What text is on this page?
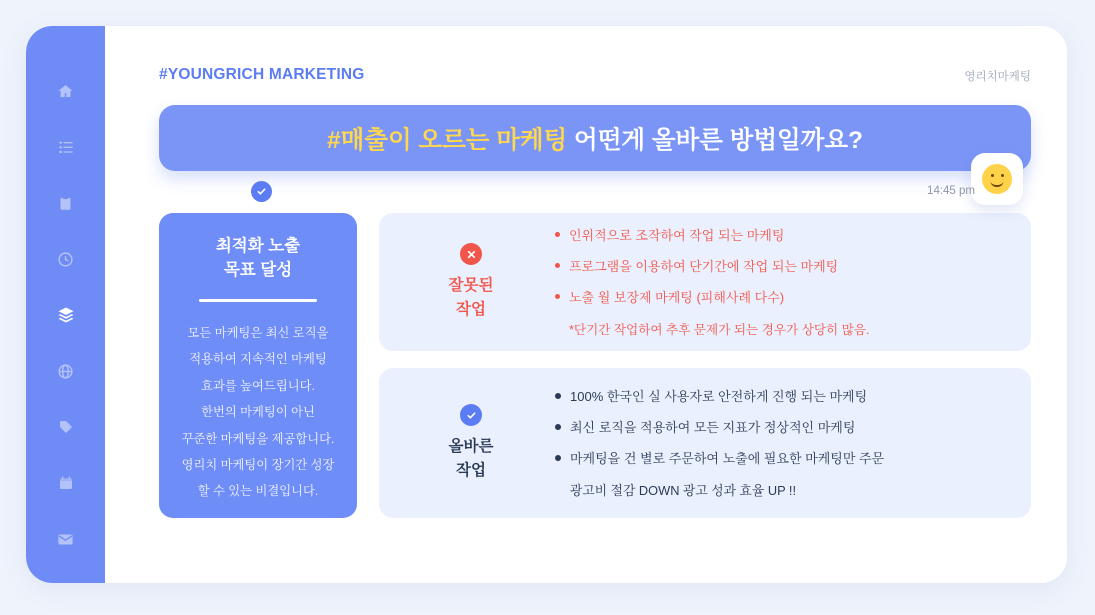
#YOUNGRICH MARKETING	영리치마케팅
#매출이 오르는 마케팅 어떤게 올바른 방법일까요?
14:45 pm
최적화 노출
목표 달성
모든 마케팅은 최신 로직을
적용하여 지속적인 마케팅
효과를 높여드립니다.
한번의 마케팅이 아닌
꾸준한 마케팅을 제공합니다.
영리치 마케팅이 장기간 성장
할 수 있는 비결입니다.
잘못된
작업
인위적으로 조작하여 작업 되는 마케팅
프로그램을 이용하여 단기간에 작업 되는 마케팅
노출 월 보장제 마케팅 (피해사례 다수)
*단기간 작업하여 추후 문제가 되는 경우가 상당히 많음.
올바른
작업
100% 한국인 실 사용자로 안전하게 진행 되는 마케팅
최신 로직을 적용하여 모든 지표가 정상적인 마케팅
마케팅을 건 별로 주문하여 노출에 필요한 마케팅만 주문
광고비 절감 DOWN 광고 성과 효율 UP !!
